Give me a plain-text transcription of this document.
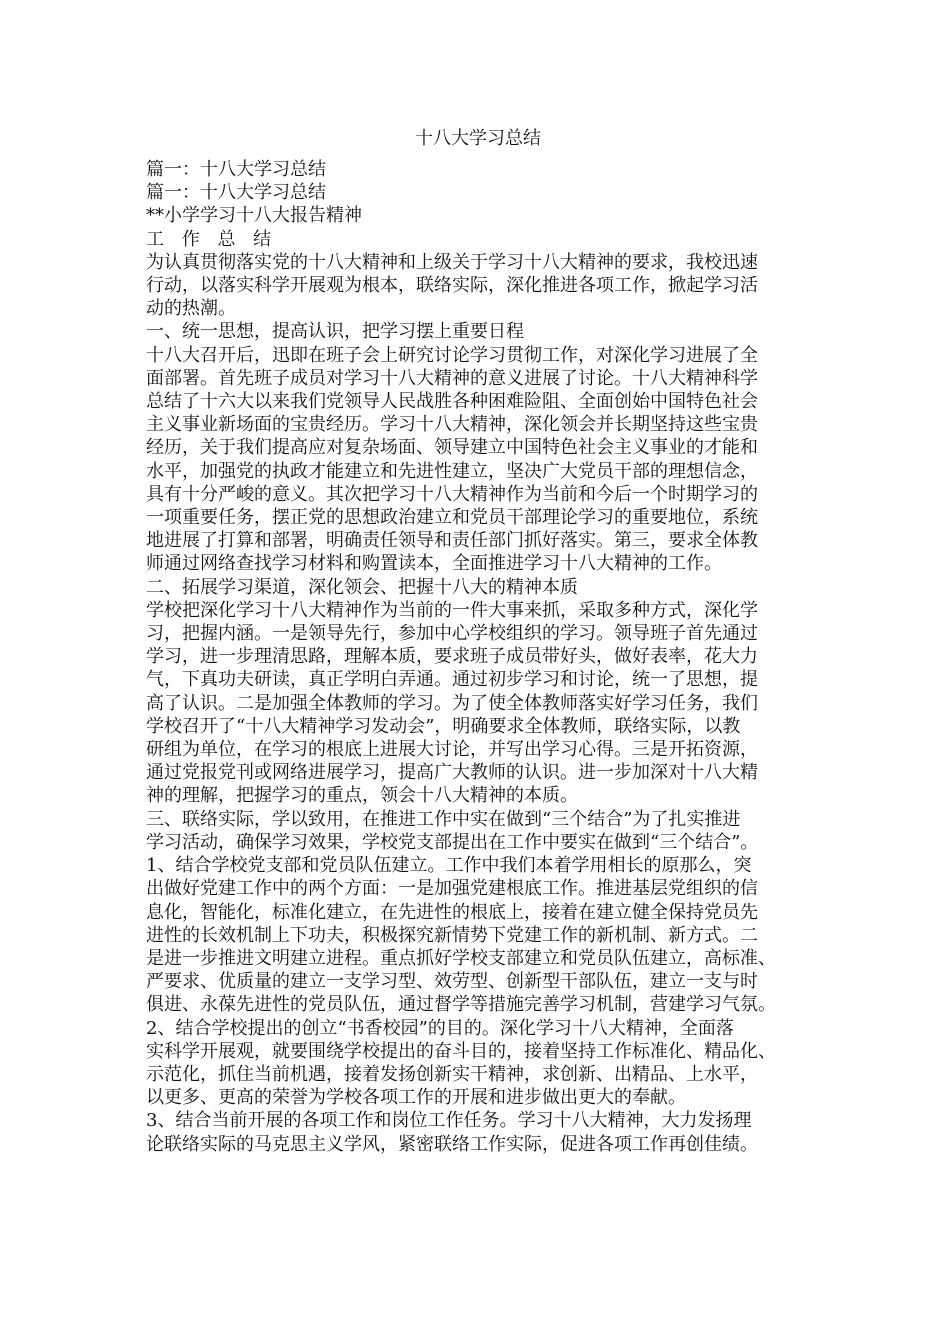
十八大学习总结
篇一：十八大学习总结
篇一：十八大学习总结
**小学学习十八大报告精神
工 作 总 结
为认真贯彻落实党的十八大精神和上级关于学习十八大精神的要求，我校迅速
行动，以落实科学开展观为根本，联络实际，深化推进各项工作，掀起学习活
动的热潮。
一、统一思想，提高认识，把学习摆上重要日程
十八大召开后，迅即在班子会上研究讨论学习贯彻工作，对深化学习进展了全
面部署。首先班子成员对学习十八大精神的意义进展了讨论。十八大精神科学
总结了十六大以来我们党领导人民战胜各种困难险阻、全面创始中国特色社会
主义事业新场面的宝贵经历。学习十八大精神，深化领会并长期坚持这些宝贵
经历，关于我们提高应对复杂场面、领导建立中国特色社会主义事业的才能和
水平，加强党的执政才能建立和先进性建立，坚决广大党员干部的理想信念，
具有十分严峻的意义。其次把学习十八大精神作为当前和今后一个时期学习的
一项重要任务，摆正党的思想政治建立和党员干部理论学习的重要地位，系统
地进展了打算和部署，明确责任领导和责任部门抓好落实。第三，要求全体教
师通过网络查找学习材料和购置读本，全面推进学习十八大精神的工作。
二、拓展学习渠道，深化领会、把握十八大的精神本质
学校把深化学习十八大精神作为当前的一件大事来抓，采取多种方式，深化学
习，把握内涵。一是领导先行，参加中心学校组织的学习。领导班子首先通过
学习，进一步理清思路，理解本质，要求班子成员带好头，做好表率，花大力
气，下真功夫研读，真正学明白弄通。通过初步学习和讨论，统一了思想，提
高了认识。二是加强全体教师的学习。为了使全体教师落实好学习任务，我们
学校召开了“十八大精神学习发动会”，明确要求全体教师，联络实际，以教
研组为单位，在学习的根底上进展大讨论，并写出学习心得。三是开拓资源，
通过党报党刊或网络进展学习，提高广大教师的认识。进一步加深对十八大精
神的理解，把握学习的重点，领会十八大精神的本质。
三、联络实际，学以致用，在推进工作中实在做到“三个结合”为了扎实推进
学习活动，确保学习效果，学校党支部提出在工作中要实在做到“三个结合”。
1、结合学校党支部和党员队伍建立。工作中我们本着学用相长的原那么，突
出做好党建工作中的两个方面：一是加强党建根底工作。推进基层党组织的信
息化，智能化，标准化建立，在先进性的根底上，接着在建立健全保持党员先
进性的长效机制上下功夫，积极探究新情势下党建工作的新机制、新方式。二
是进一步推进文明建立进程。重点抓好学校支部建立和党员队伍建立，高标准、
严要求、优质量的建立一支学习型、效劳型、创新型干部队伍，建立一支与时
俱进、永葆先进性的党员队伍，通过督学等措施完善学习机制，营建学习气氛。
2、结合学校提出的创立“书香校园”的目的。深化学习十八大精神，全面落
实科学开展观，就要围绕学校提出的奋斗目的，接着坚持工作标准化、精品化、
示范化，抓住当前机遇，接着发扬创新实干精神，求创新、出精品、上水平，
以更多、更高的荣誉为学校各项工作的开展和进步做出更大的奉献。
3、结合当前开展的各项工作和岗位工作任务。学习十八大精神，大力发扬理
论联络实际的马克思主义学风，紧密联络工作实际，促进各项工作再创佳绩。
